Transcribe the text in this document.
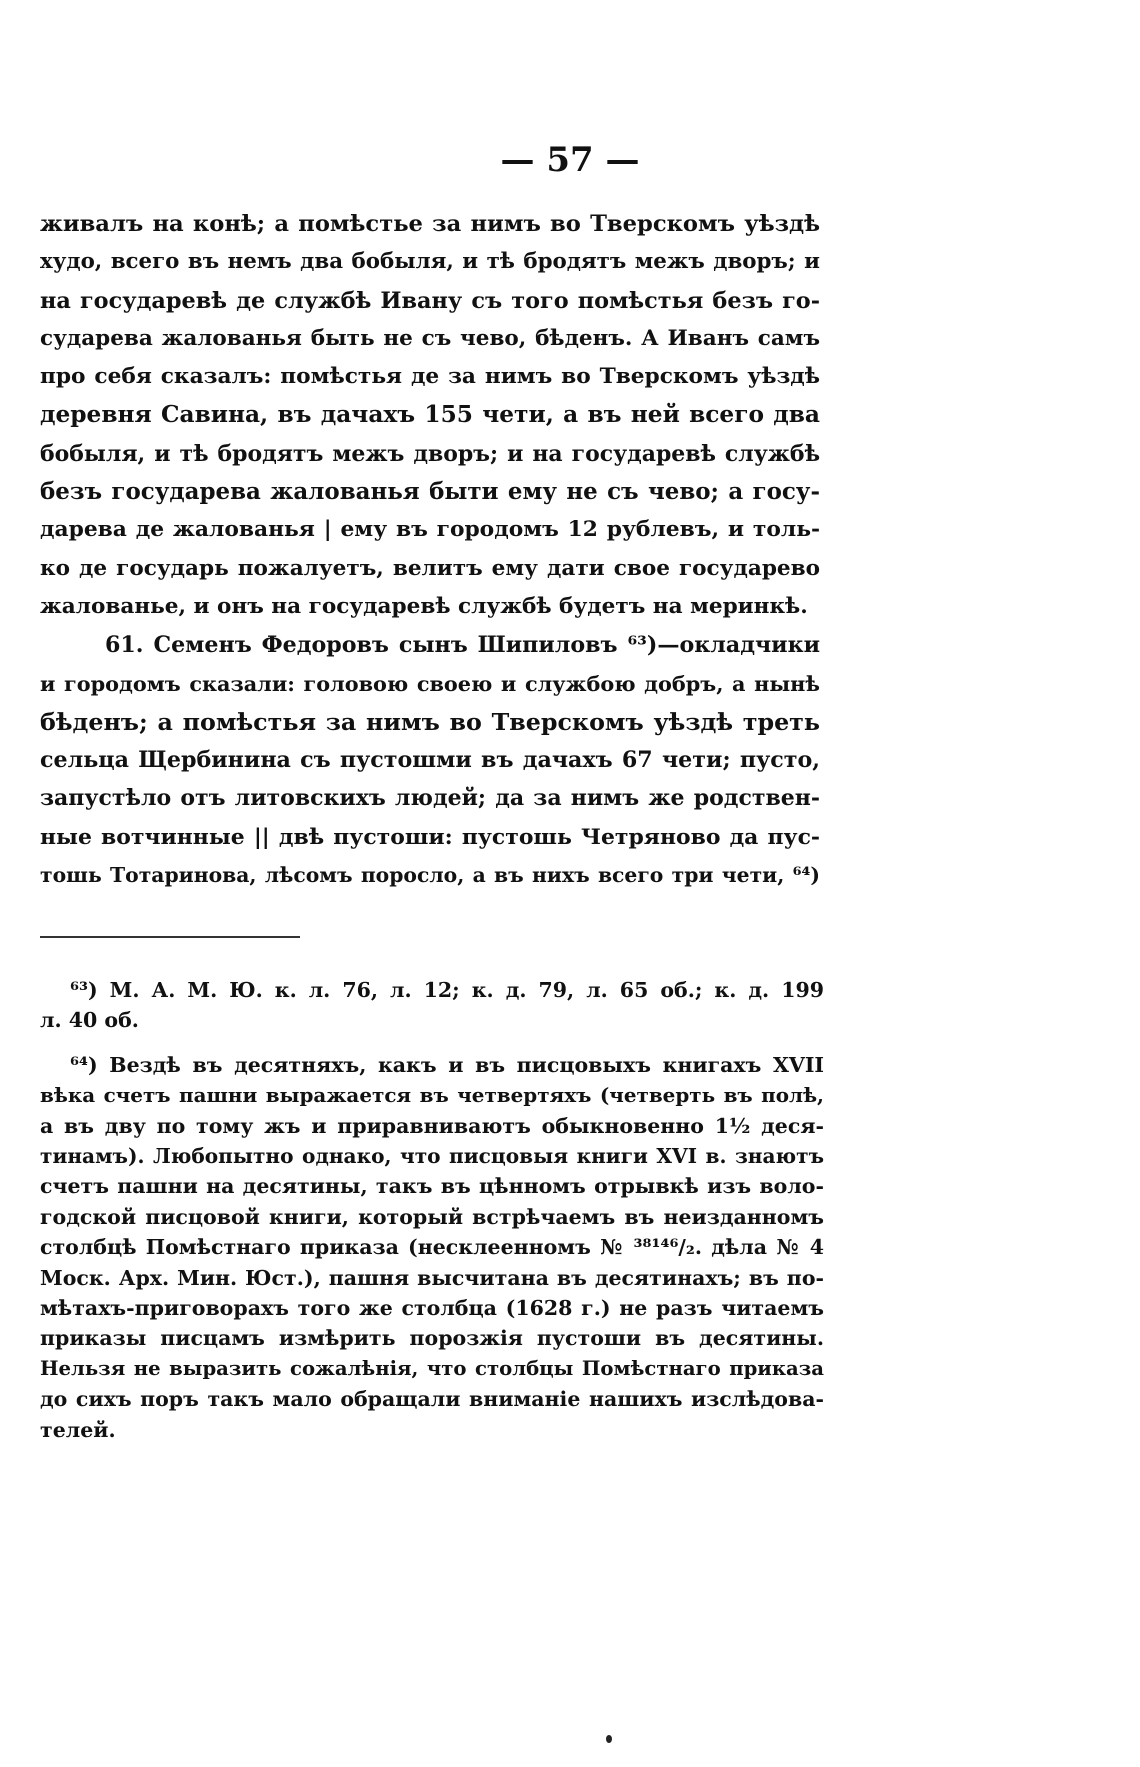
— 57 —
живалъ на конѣ; а помѣстье за нимъ во Тверскомъ уѣздѣ
худо, всего въ немъ два бобыля, и тѣ бродятъ межъ дворъ; и
на государевѣ де службѣ Ивану съ того помѣстья безъ го-
сударева жалованья быть не съ чево, бѣденъ. А Иванъ самъ
про себя сказалъ: помѣстья де за нимъ во Тверскомъ уѣздѣ
деревня Савина, въ дачахъ 155 чети, а въ ней всего два
бобыля, и тѣ бродятъ межъ дворъ; и на государевѣ службѣ
безъ государева жалованья быти ему не съ чево; а госу-
дарева де жалованья | ему въ городомъ 12 рублевъ, и толь-
ко де государь пожалуетъ, велитъ ему дати свое государево
жалованье, и онъ на государевѣ службѣ будетъ на меринкѣ.
61. Семенъ Федоровъ сынъ Шипиловъ ⁶³)—окладчики
и городомъ сказали: головою своею и службою добръ, а нынѣ
бѣденъ; а помѣстья за нимъ во Тверскомъ уѣздѣ треть
сельца Щербинина съ пустошми въ дачахъ 67 чети; пусто,
запустѣло отъ литовскихъ людей; да за нимъ же родствен-
ные вотчинные || двѣ пустоши: пустошь Четряново да пус-
тошь Тотаринова, лѣсомъ поросло, а въ нихъ всего три чети, ⁶⁴)
⁶³) М. А. М. Ю. к. л. 76, л. 12; к. д. 79, л. 65 об.; к. д. 199
л. 40 об.
⁶⁴) Вездѣ въ десятняхъ, какъ и въ писцовыхъ книгахъ XVII
вѣка счетъ пашни выражается въ четвертяхъ (четверть въ полѣ,
а въ дву по тому жъ и приравниваютъ обыкновенно 1½ деся-
тинамъ). Любопытно однако, что писцовыя книги XVI в. знаютъ
счетъ пашни на десятины, такъ въ цѣнномъ отрывкѣ изъ воло-
годской писцовой книги, который встрѣчаемъ въ неизданномъ
столбцѣ Помѣстнаго приказа (несклеенномъ № ³⁸¹⁴⁶/₂. дѣла № 4
Моск. Арх. Мин. Юст.), пашня высчитана въ десятинахъ; въ по-
мѣтахъ-приговорахъ того же столбца (1628 г.) не разъ читаемъ
приказы писцамъ измѣрить порозжія пустоши въ десятины.
Нельзя не выразить сожалѣнія, что столбцы Помѣстнаго приказа
до сихъ поръ такъ мало обращали вниманіе нашихъ изслѣдова-
телей.
